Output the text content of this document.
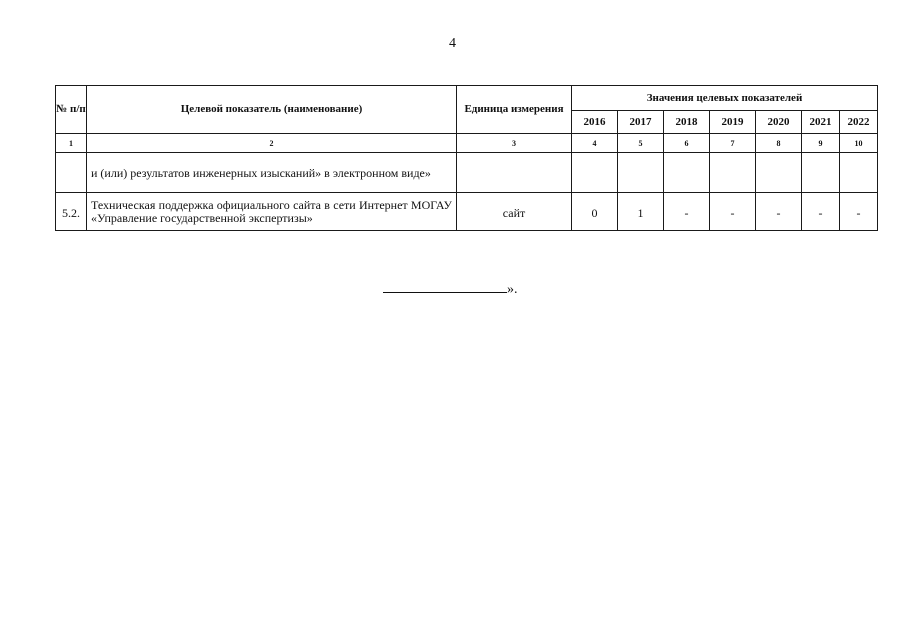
4
№ п/п	Целевой показатель (наименование)	Единица измерения	Значения целевых показателей						
			2016	2017	2018	2019	2020	2021	2022
1	2	3	4	5	6	7	8	9	10
	и (или) результатов инженерных изысканий» в электронном виде»								
5.2.	Техническая поддержка официального сайта в сети Интернет МОГАУ «Управление государственной экспертизы»	сайт	0	1	-	-	-	-	-
».
